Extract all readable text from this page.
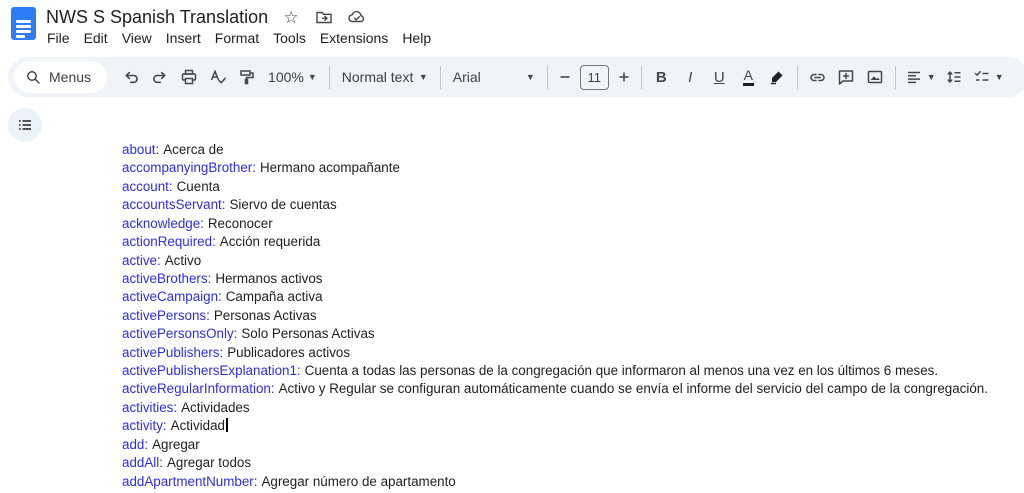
NWS S Spanish Translation ☆
File	Edit	View	Insert	Format	Tools	Extensions	Help
Menus	100% ▼ Normal text ▼ Arial	▼	11	B I U A	▼	▼
about: Acerca de
accompanyingBrother: Hermano acompañante
account: Cuenta
accountsServant: Siervo de cuentas
acknowledge: Reconocer
actionRequired: Acción requerida
active: Activo
activeBrothers: Hermanos activos
activeCampaign: Campaña activa
activePersons: Personas Activas
activePersonsOnly: Solo Personas Activas
activePublishers: Publicadores activos
activePublishersExplanation1: Cuenta a todas las personas de la congregación que informaron al menos una vez en los últimos 6 meses.
activeRegularInformation: Activo y Regular se configuran automáticamente cuando se envía el informe del servicio del campo de la congregación.
activities: Actividades
activity: Actividad
add: Agregar
addAll: Agregar todos
addApartmentNumber: Agregar número de apartamento
